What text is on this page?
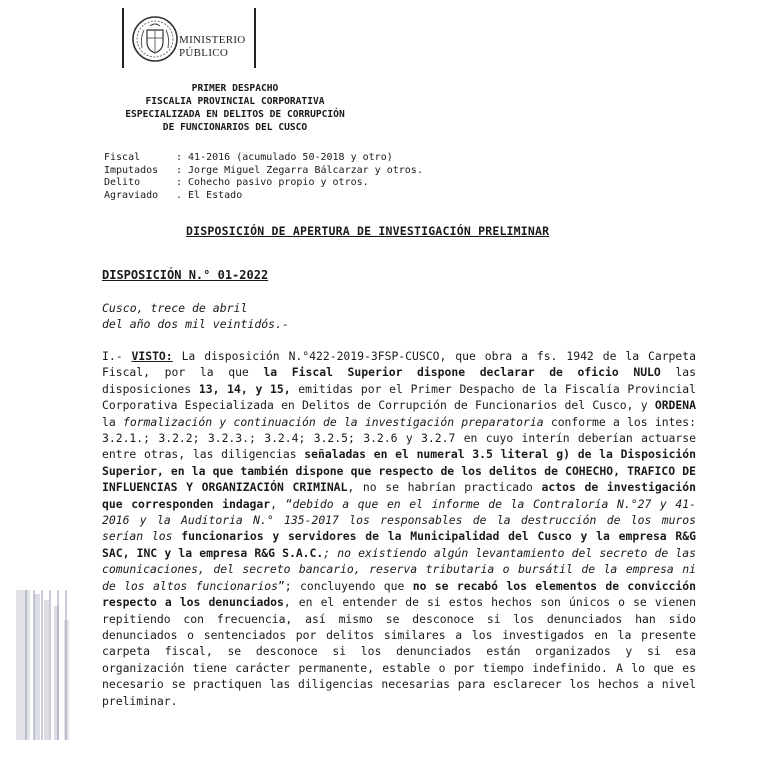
MINISTERIO
PÚBLICO
PRIMER DESPACHO
FISCALIA PROVINCIAL CORPORATIVA
ESPECIALIZADA EN DELITOS DE CORRUPCIÓN
DE FUNCIONARIOS DEL CUSCO
Fiscal	: 41-2016 (acumulado 50-2018 y otro)
Imputados	: Jorge Miguel Zegarra Bálcarzar y otros.
Delito	: Cohecho pasivo propio y otros.
Agraviado	. El Estado
DISPOSICIÓN DE APERTURA DE INVESTIGACIÓN PRELIMINAR
DISPOSICIÓN N.° 01-2022
Cusco, trece de abril
del año dos mil veintidós.-
I.- VISTO: La disposición N.°422-2019-3FSP-CUSCO, que obra a fs. 1942 de la Carpeta Fiscal, por la que la Fiscal Superior dispone declarar de oficio NULO las disposiciones 13, 14, y 15, emitidas por el Primer Despacho de la Fiscalía Provincial Corporativa Especializada en Delitos de Corrupción de Funcionarios del Cusco, y ORDENA la formalización y continuación de la investigación preparatoria conforme a los intes: 3.2.1.; 3.2.2; 3.2.3.; 3.2.4; 3.2.5; 3.2.6 y 3.2.7 en cuyo interín deberían actuarse entre otras, las diligencias señaladas en el numeral 3.5 literal g) de la Disposición Superior, en la que también dispone que respecto de los delitos de COHECHO, TRAFICO DE INFLUENCIAS Y ORGANIZACIÓN CRIMINAL, no se habrían practicado actos de investigación que corresponden indagar, “debido a que en el informe de la Contraloría N.°27 y 41-2016 y la Auditoria N.° 135-2017 los responsables de la destrucción de los muros serían los funcionarios y servidores de la Municipalidad del Cusco y la empresa R&G SAC, INC y la empresa R&G S.A.C.; no existiendo algún levantamiento del secreto de las comunicaciones, del secreto bancario, reserva tributaria o bursátil de la empresa ni de los altos funcionarios”; concluyendo que no se recabó los elementos de convicción respecto a los denunciados, en el entender de si estos hechos son únicos o se vienen repitiendo con frecuencia, así mismo se desconoce si los denunciados han sido denunciados o sentenciados por delitos similares a los investigados en la presente carpeta fiscal, se desconoce si los denunciados están organizados y si esa organización tiene carácter permanente, estable o por tiempo indefinido. A lo que es necesario se practiquen las diligencias necesarias para esclarecer los hechos a nivel preliminar.
